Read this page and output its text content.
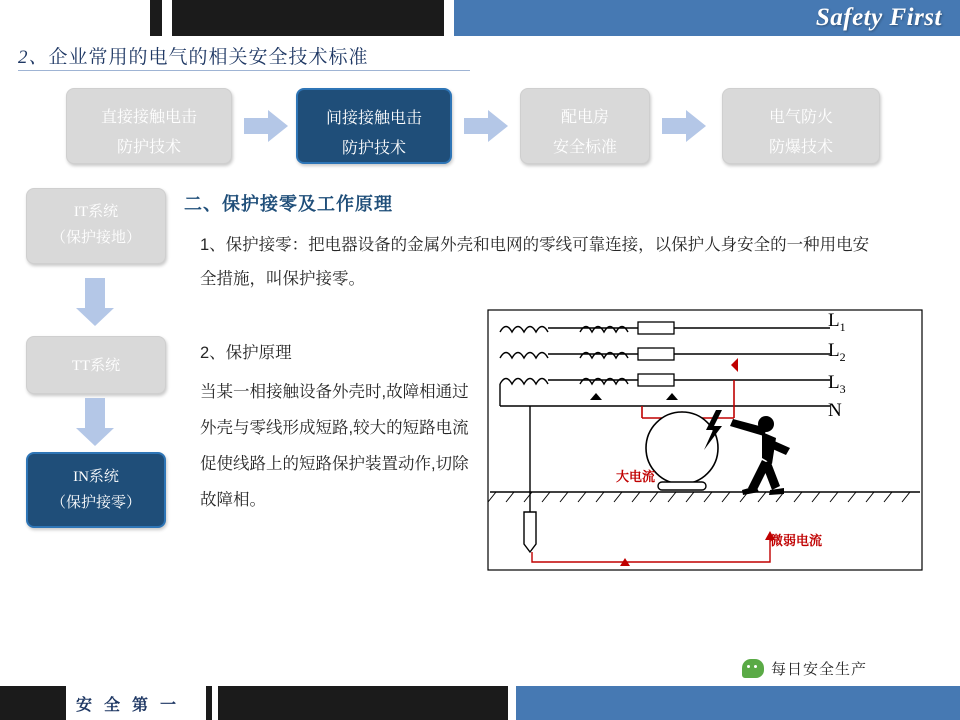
Safety First
2、企业常用的电气的相关安全技术标准
直接接触电击
防护技术
间接接触电击
防护技术
配电房
安全标准
电气防火
防爆技术
IT系统
（保护接地）
TT系统
IN系统
（保护接零）
二、保护接零及工作原理
1、保护接零：把电器设备的金属外壳和电网的零线可靠连接，以保护人身安全的一种用电安全措施，叫保护接零。
2、保护原理
当某一相接触设备外壳时,故障相通过外壳与零线形成短路,较大的短路电流促使线路上的短路保护装置动作,切除故障相。
$L_1$
$L_2$
$L_3$
N
大电流
微弱电流
每日安全生产
安 全 第 一
